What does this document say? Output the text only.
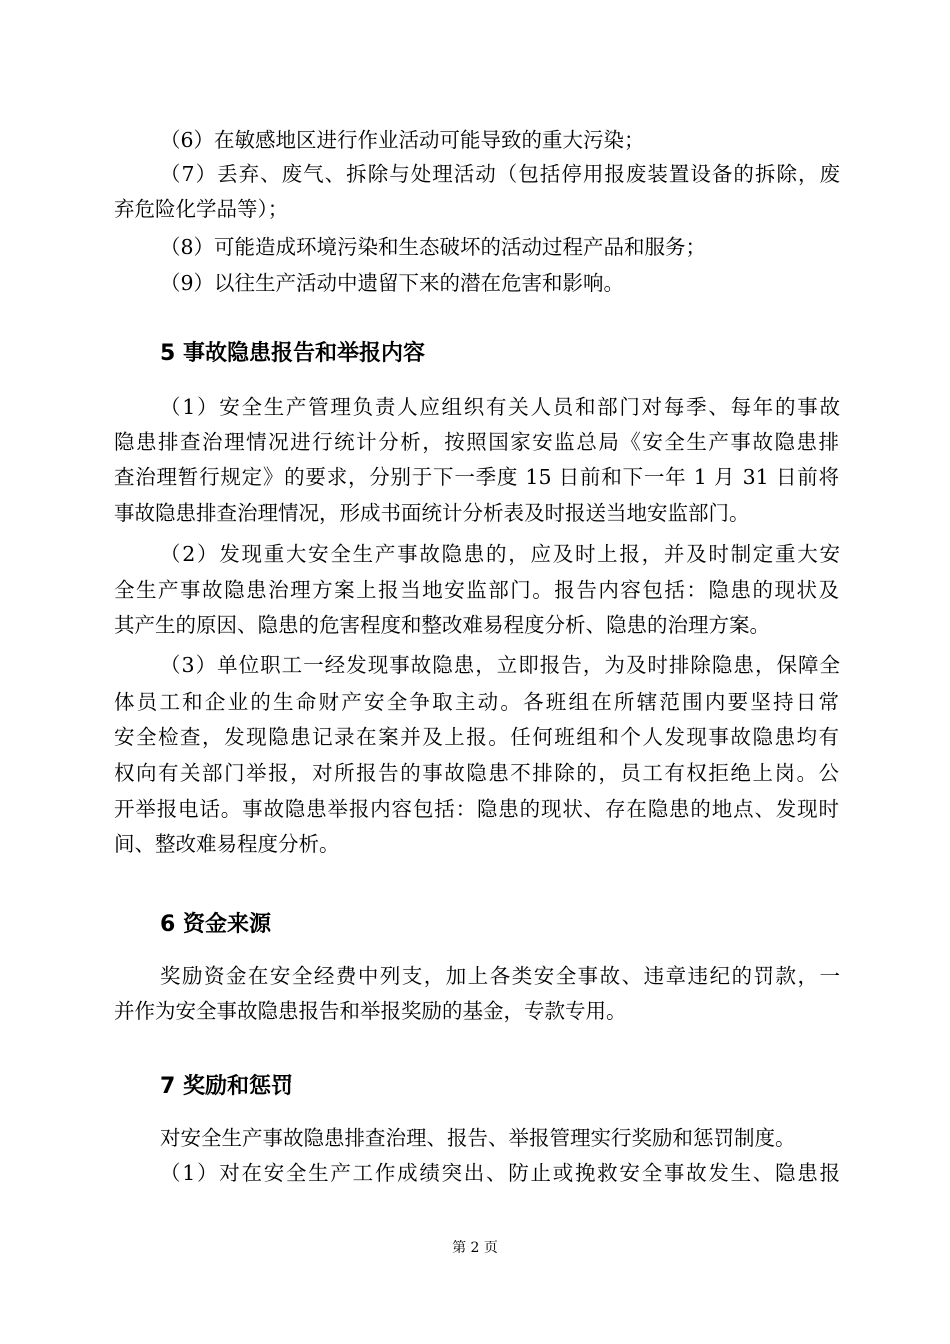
（6）在敏感地区进行作业活动可能导致的重大污染；
（7）丢弃、废气、拆除与处理活动（包括停用报废装置设备的拆除，废
弃危险化学品等）；
（8）可能造成环境污染和生态破坏的活动过程产品和服务；
（9）以往生产活动中遗留下来的潜在危害和影响。
5 事故隐患报告和举报内容
（1）安全生产管理负责人应组织有关人员和部门对每季、每年的事故
隐患排查治理情况进行统计分析，按照国家安监总局《安全生产事故隐患排
查治理暂行规定》的要求，分别于下一季度 15 日前和下一年 1 月 31 日前将
事故隐患排查治理情况，形成书面统计分析表及时报送当地安监部门。
（2）发现重大安全生产事故隐患的，应及时上报，并及时制定重大安
全生产事故隐患治理方案上报当地安监部门。报告内容包括：隐患的现状及
其产生的原因、隐患的危害程度和整改难易程度分析、隐患的治理方案。
（3）单位职工一经发现事故隐患，立即报告，为及时排除隐患，保障全
体员工和企业的生命财产安全争取主动。各班组在所辖范围内要坚持日常
安全检查，发现隐患记录在案并及上报。任何班组和个人发现事故隐患均有
权向有关部门举报，对所报告的事故隐患不排除的，员工有权拒绝上岗。公
开举报电话。事故隐患举报内容包括：隐患的现状、存在隐患的地点、发现时
间、整改难易程度分析。
6 资金来源
奖励资金在安全经费中列支，加上各类安全事故、违章违纪的罚款，一
并作为安全事故隐患报告和举报奖励的基金，专款专用。
7 奖励和惩罚
对安全生产事故隐患排查治理、报告、举报管理实行奖励和惩罚制度。
（1）对在安全生产工作成绩突出、防止或挽救安全事故发生、隐患报
第 2 页
